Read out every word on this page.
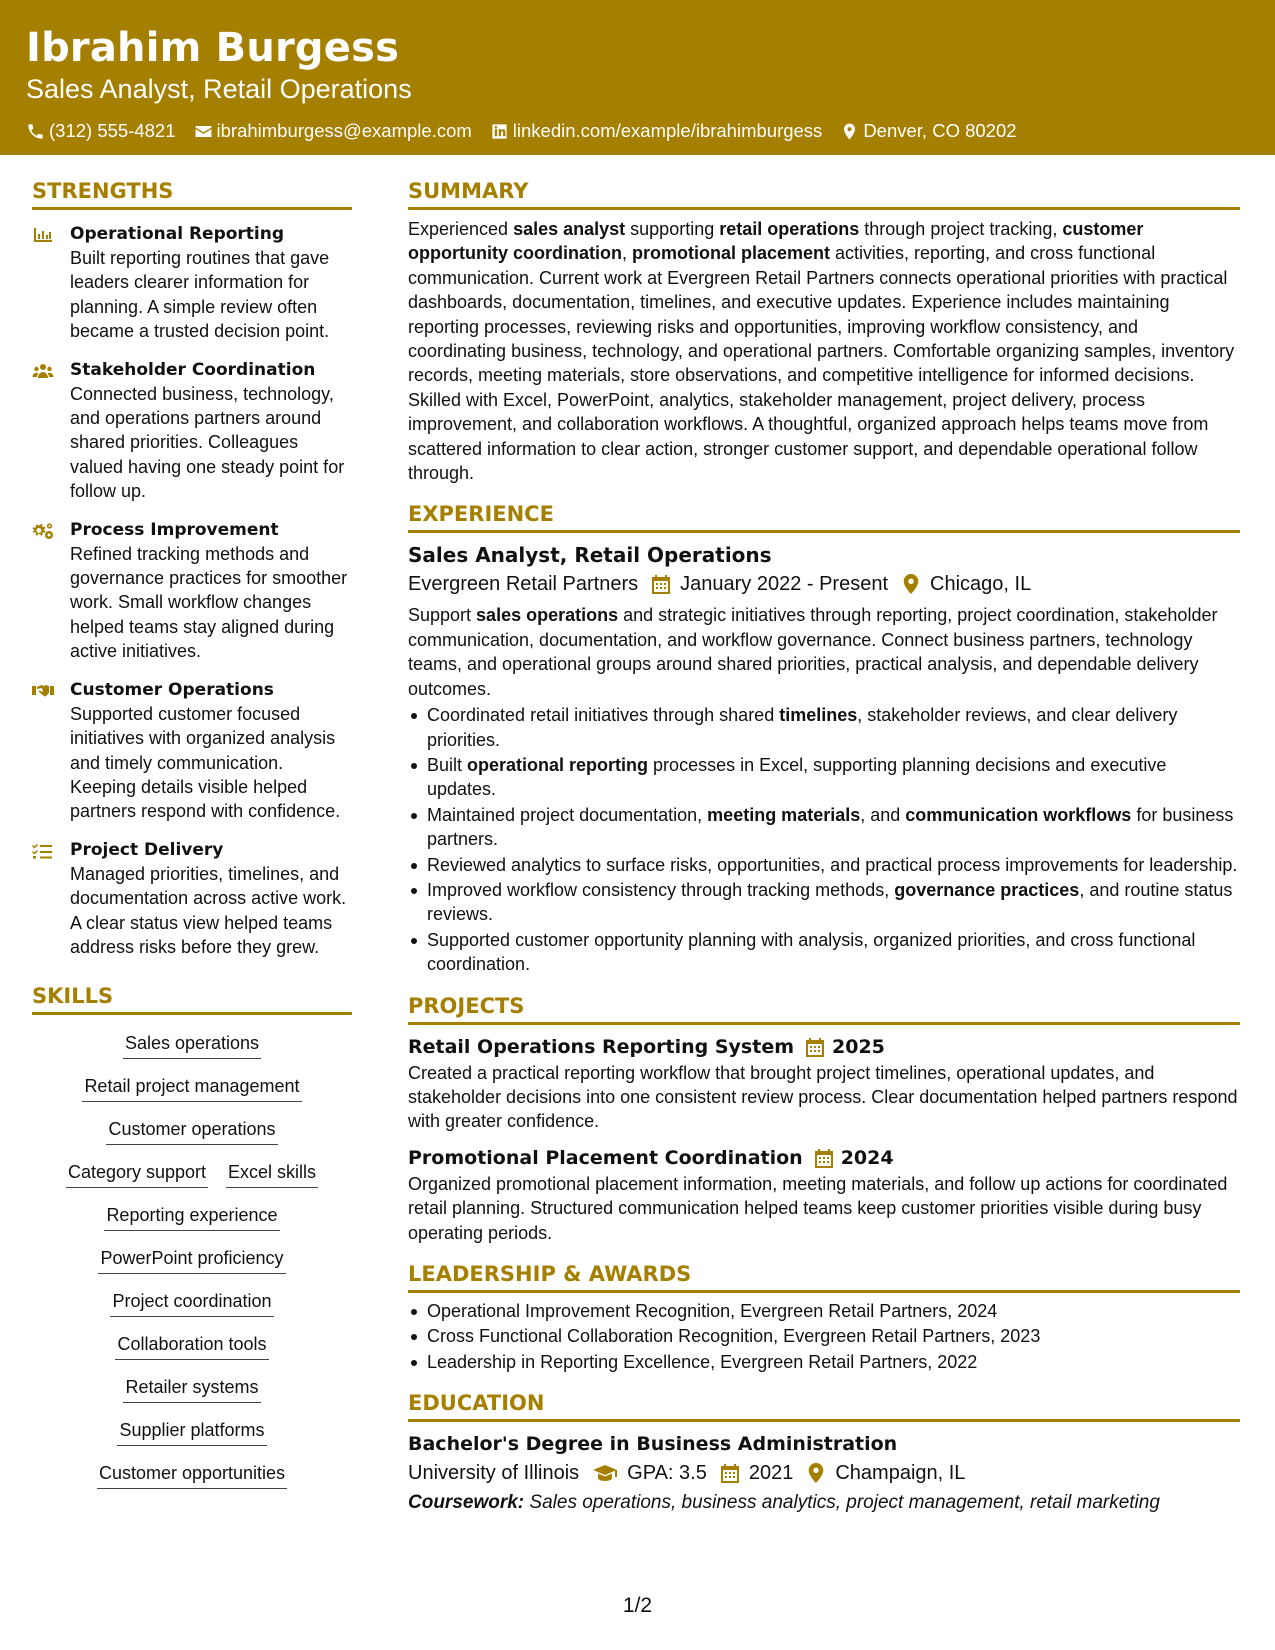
Ibrahim Burgess
Sales Analyst, Retail Operations
(312) 555-4821 ibrahimburgess@example.com linkedin.com/example/ibrahimburgess Denver, CO 80202
STRENGTHS
Operational Reporting
Built reporting routines that gave leaders clearer information for planning. A simple review often became a trusted decision point.
Stakeholder Coordination
Connected business, technology, and operations partners around shared priorities. Colleagues valued having one steady point for follow up.
Process Improvement
Refined tracking methods and governance practices for smoother work. Small workflow changes helped teams stay aligned during active initiatives.
Customer Operations
Supported customer focused initiatives with organized analysis and timely communication. Keeping details visible helped partners respond with confidence.
Project Delivery
Managed priorities, timelines, and documentation across active work. A clear status view helped teams address risks before they grew.
SKILLS
Sales operations
Retail project management
Customer operations
Category support Excel skills
Reporting experience
PowerPoint proficiency
Project coordination
Collaboration tools
Retailer systems
Supplier platforms
Customer opportunities
SUMMARY
Experienced sales analyst supporting retail operations through project tracking, customer opportunity coordination, promotional placement activities, reporting, and cross functional communication. Current work at Evergreen Retail Partners connects operational priorities with practical dashboards, documentation, timelines, and executive updates. Experience includes maintaining reporting processes, reviewing risks and opportunities, improving workflow consistency, and coordinating business, technology, and operational partners. Comfortable organizing samples, inventory records, meeting materials, store observations, and competitive intelligence for informed decisions. Skilled with Excel, PowerPoint, analytics, stakeholder management, project delivery, process improvement, and collaboration workflows. A thoughtful, organized approach helps teams move from scattered information to clear action, stronger customer support, and dependable operational follow through.
EXPERIENCE
Sales Analyst, Retail Operations
Evergreen Retail Partners January 2022 - Present Chicago, IL
Support sales operations and strategic initiatives through reporting, project coordination, stakeholder communication, documentation, and workflow governance. Connect business partners, technology teams, and operational groups around shared priorities, practical analysis, and dependable delivery outcomes.
Coordinated retail initiatives through shared timelines, stakeholder reviews, and clear delivery priorities.
Built operational reporting processes in Excel, supporting planning decisions and executive updates.
Maintained project documentation, meeting materials, and communication workflows for business partners.
Reviewed analytics to surface risks, opportunities, and practical process improvements for leadership.
Improved workflow consistency through tracking methods, governance practices, and routine status reviews.
Supported customer opportunity planning with analysis, organized priorities, and cross functional coordination.
PROJECTS
Retail Operations Reporting System 2025
Created a practical reporting workflow that brought project timelines, operational updates, and stakeholder decisions into one consistent review process. Clear documentation helped partners respond with greater confidence.
Promotional Placement Coordination 2024
Organized promotional placement information, meeting materials, and follow up actions for coordinated retail planning. Structured communication helped teams keep customer priorities visible during busy operating periods.
LEADERSHIP & AWARDS
Operational Improvement Recognition, Evergreen Retail Partners, 2024
Cross Functional Collaboration Recognition, Evergreen Retail Partners, 2023
Leadership in Reporting Excellence, Evergreen Retail Partners, 2022
EDUCATION
Bachelor's Degree in Business Administration
University of Illinois GPA: 3.5 2021 Champaign, IL
Coursework: Sales operations, business analytics, project management, retail marketing
1/2
